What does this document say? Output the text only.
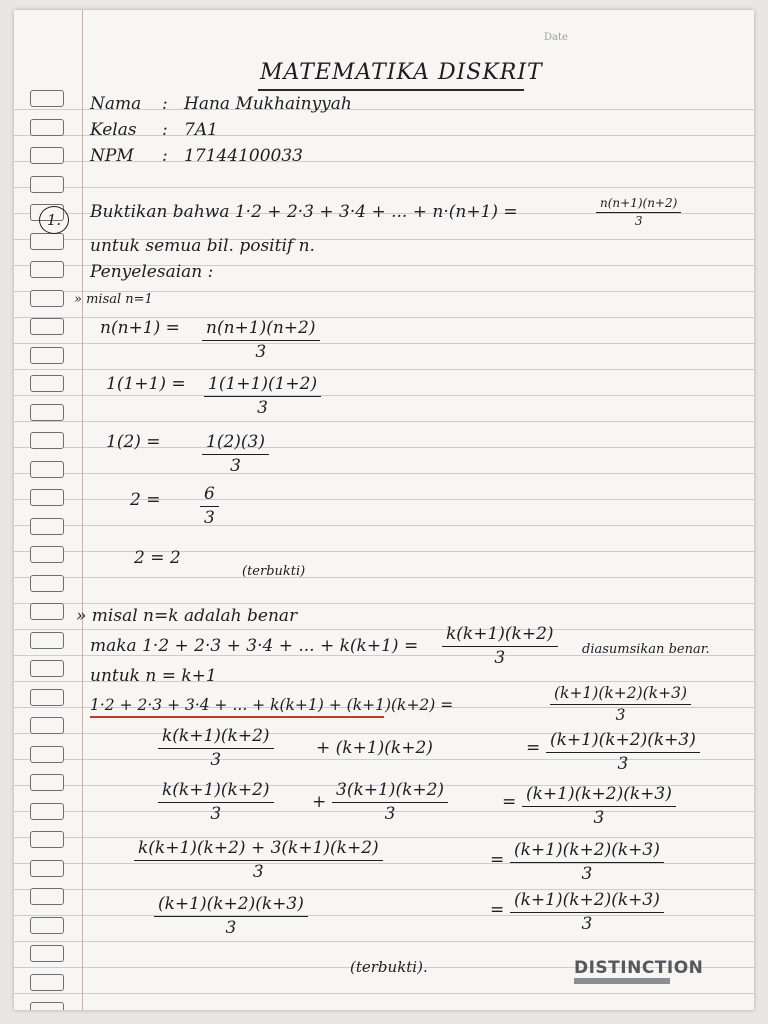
Date
MATEMATIKA DISKRIT
Nama : Hana Mukhainyyah
Kelas : 7A1
NPM : 17144100033
1.	Buktikan bahwa 1·2 + 2·3 + 3·4 + ... + n·(n+1) =	$\frac{n(n+1)(n+2)}{3}$
untuk semua bil. positif n.
Penyelesaian :
» misal n=1
$n(n+1) = \frac{n(n+1)(n+2)}{3}$
$1(1+1) = \frac{1(1+1)(1+2)}{3}$
$1(2) = \frac{1(2)(3)}{3}$
$2 = \frac{6}{3}$
2 = 2
(terbukti)
» misal n=k adalah benar
maka 1·2 + 2·3 + 3·4 + ... + $k(k+1) = \frac{k(k+1)(k+2)}{3}$ diasumsikan benar.
untuk n = k+1
1·2 + 2·3 + 3·4 + ... + k(k+1) + (k+1)(k+2) =	$\frac{(k+1)(k+2)(k+3)}{3}$
$\frac{k(k+1)(k+2)}{3} + (k+1)(k+2)$	= $\frac{(k+1)(k+2)(k+3)}{3}$
$\frac{k(k+1)(k+2)}{3} + \frac{3(k+1)(k+2)}{3}$	= $\frac{(k+1)(k+2)(k+3)}{3}$
$\frac{k(k+1)(k+2) + 3(k+1)(k+2)}{3}$	= $\frac{(k+1)(k+2)(k+3)}{3}$
$\frac{(k+1)(k+2)(k+3)}{3}$	= $\frac{(k+1)(k+2)(k+3)}{3}$
(terbukti).	DISTINCTION
